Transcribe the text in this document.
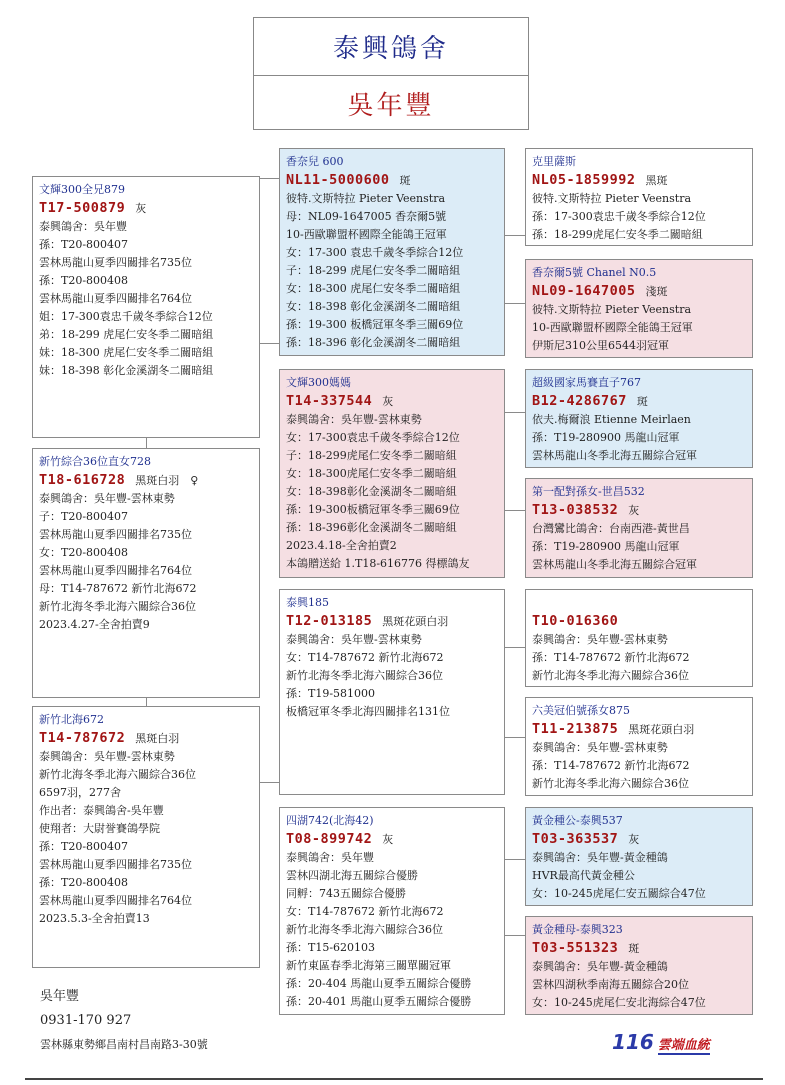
泰興鴿舍
吳年豐
文輝300全兄879
T17-500879 灰
泰興鴿舍：吳年豐
孫：T20-800407
雲林馬龍山夏季四關排名735位
孫：T20-800408
雲林馬龍山夏季四關排名764位
姐：17-300袁忠千歲冬季綜合12位
弟：18-299 虎尾仁安冬季二關暗組
妹：18-300 虎尾仁安冬季二關暗組
妹：18-398 彰化金溪湖冬二關暗組
新竹綜合36位直女728
T18-616728 黑斑白羽　♀
泰興鴿舍：吳年豐-雲林東勢
子：T20-800407
雲林馬龍山夏季四關排名735位
女：T20-800408
雲林馬龍山夏季四關排名764位
母：T14-787672 新竹北海672
新竹北海冬季北海六關綜合36位
2023.4.27-全舍拍賣9
新竹北海672
T14-787672 黑斑白羽
泰興鴿舍：吳年豐-雲林東勢
新竹北海冬季北海六關綜合36位
6597羽，277舍
作出者：泰興鴿舍-吳年豐
使翔者：大尉誉賽鴿學院
孫：T20-800407
雲林馬龍山夏季四關排名735位
孫：T20-800408
雲林馬龍山夏季四關排名764位
2023.5.3-全舍拍賣13
香奈兒 600
NL11-5000600 斑
彼特.文斯特拉 Pieter Veenstra
母：NL09-1647005 香奈爾5號
10-西歐聯盟杯國際全能鴿王冠軍
女：17-300 袁忠千歲冬季綜合12位
子：18-299 虎尾仁安冬季二關暗組
女：18-300 虎尾仁安冬季二關暗組
女：18-398 彰化金溪湖冬二關暗組
孫：19-300 板橋冠軍冬季三關69位
孫：18-396 彰化金溪湖冬二關暗組
文輝300媽媽
T14-337544 灰
泰興鴿舍：吳年豐-雲林東勢
女：17-300袁忠千歲冬季綜合12位
子：18-299虎尾仁安冬季二關暗組
女：18-300虎尾仁安冬季二關暗組
女：18-398彰化金溪湖冬二關暗組
孫：19-300板橋冠軍冬季三關69位
孫：18-396彰化金溪湖冬二關暗組
2023.4.18-全舍拍賣2
本鴿贈送給 1.T18-616776 得標鴿友
泰興185
T12-013185 黑斑花頭白羽
泰興鴿舍：吳年豐-雲林東勢
女：T14-787672 新竹北海672
新竹北海冬季北海六關綜合36位
孫：T19-581000
板橋冠軍冬季北海四關排名131位
四湖742(北海42)
T08-899742 灰
泰興鴿舍：吳年豐
雲林四湖北海五關綜合優勝
同孵：743五關綜合優勝
女：T14-787672 新竹北海672
新竹北海冬季北海六關綜合36位
孫：T15-620103
新竹東區春季北海第三關單關冠軍
孫：20-404 馬龍山夏季五關綜合優勝
孫：20-401 馬龍山夏季五關綜合優勝
克里薩斯
NL05-1859992 黑斑
彼特.文斯特拉 Pieter Veenstra
孫：17-300袁忠千歲冬季綜合12位
孫：18-299虎尾仁安冬季二關暗組
香奈爾5號 Chanel N0.5
NL09-1647005 淺斑
彼特.文斯特拉 Pieter Veenstra
10-西歐聯盟杯國際全能鴿王冠軍
伊斯尼310公里6544羽冠軍
超級國家馬賽直子767
B12-4286767 斑
依夫.梅爾浪 Etienne Meirlaen
孫：T19-280900 馬龍山冠軍
雲林馬龍山冬季北海五關綜合冠軍
第一配對孫女-世昌532
T13-038532 灰
台灣鸞比鴿舍：台南西港-黃世昌
孫：T19-280900 馬龍山冠軍
雲林馬龍山冬季北海五關綜合冠軍
T10-016360
泰興鴿舍：吳年豐-雲林東勢
孫：T14-787672 新竹北海672
新竹北海冬季北海六關綜合36位
六美冠伯號孫女875
T11-213875 黑斑花頭白羽
泰興鴿舍：吳年豐-雲林東勢
孫：T14-787672 新竹北海672
新竹北海冬季北海六關綜合36位
黃金種公-泰興537
T03-363537 灰
泰興鴿舍：吳年豐-黃金種鴿
HVR最高代黃金種公
女：10-245虎尾仁安五關綜合47位
黃金種母-泰興323
T03-551323 斑
泰興鴿舍：吳年豐-黃金種鴿
雲林四湖秋季南海五關綜合20位
女：10-245虎尾仁安北海綜合47位
吳年豐
0931-170 927
雲林縣東勢鄉昌南村昌南路3-30號	116 雲端血統
